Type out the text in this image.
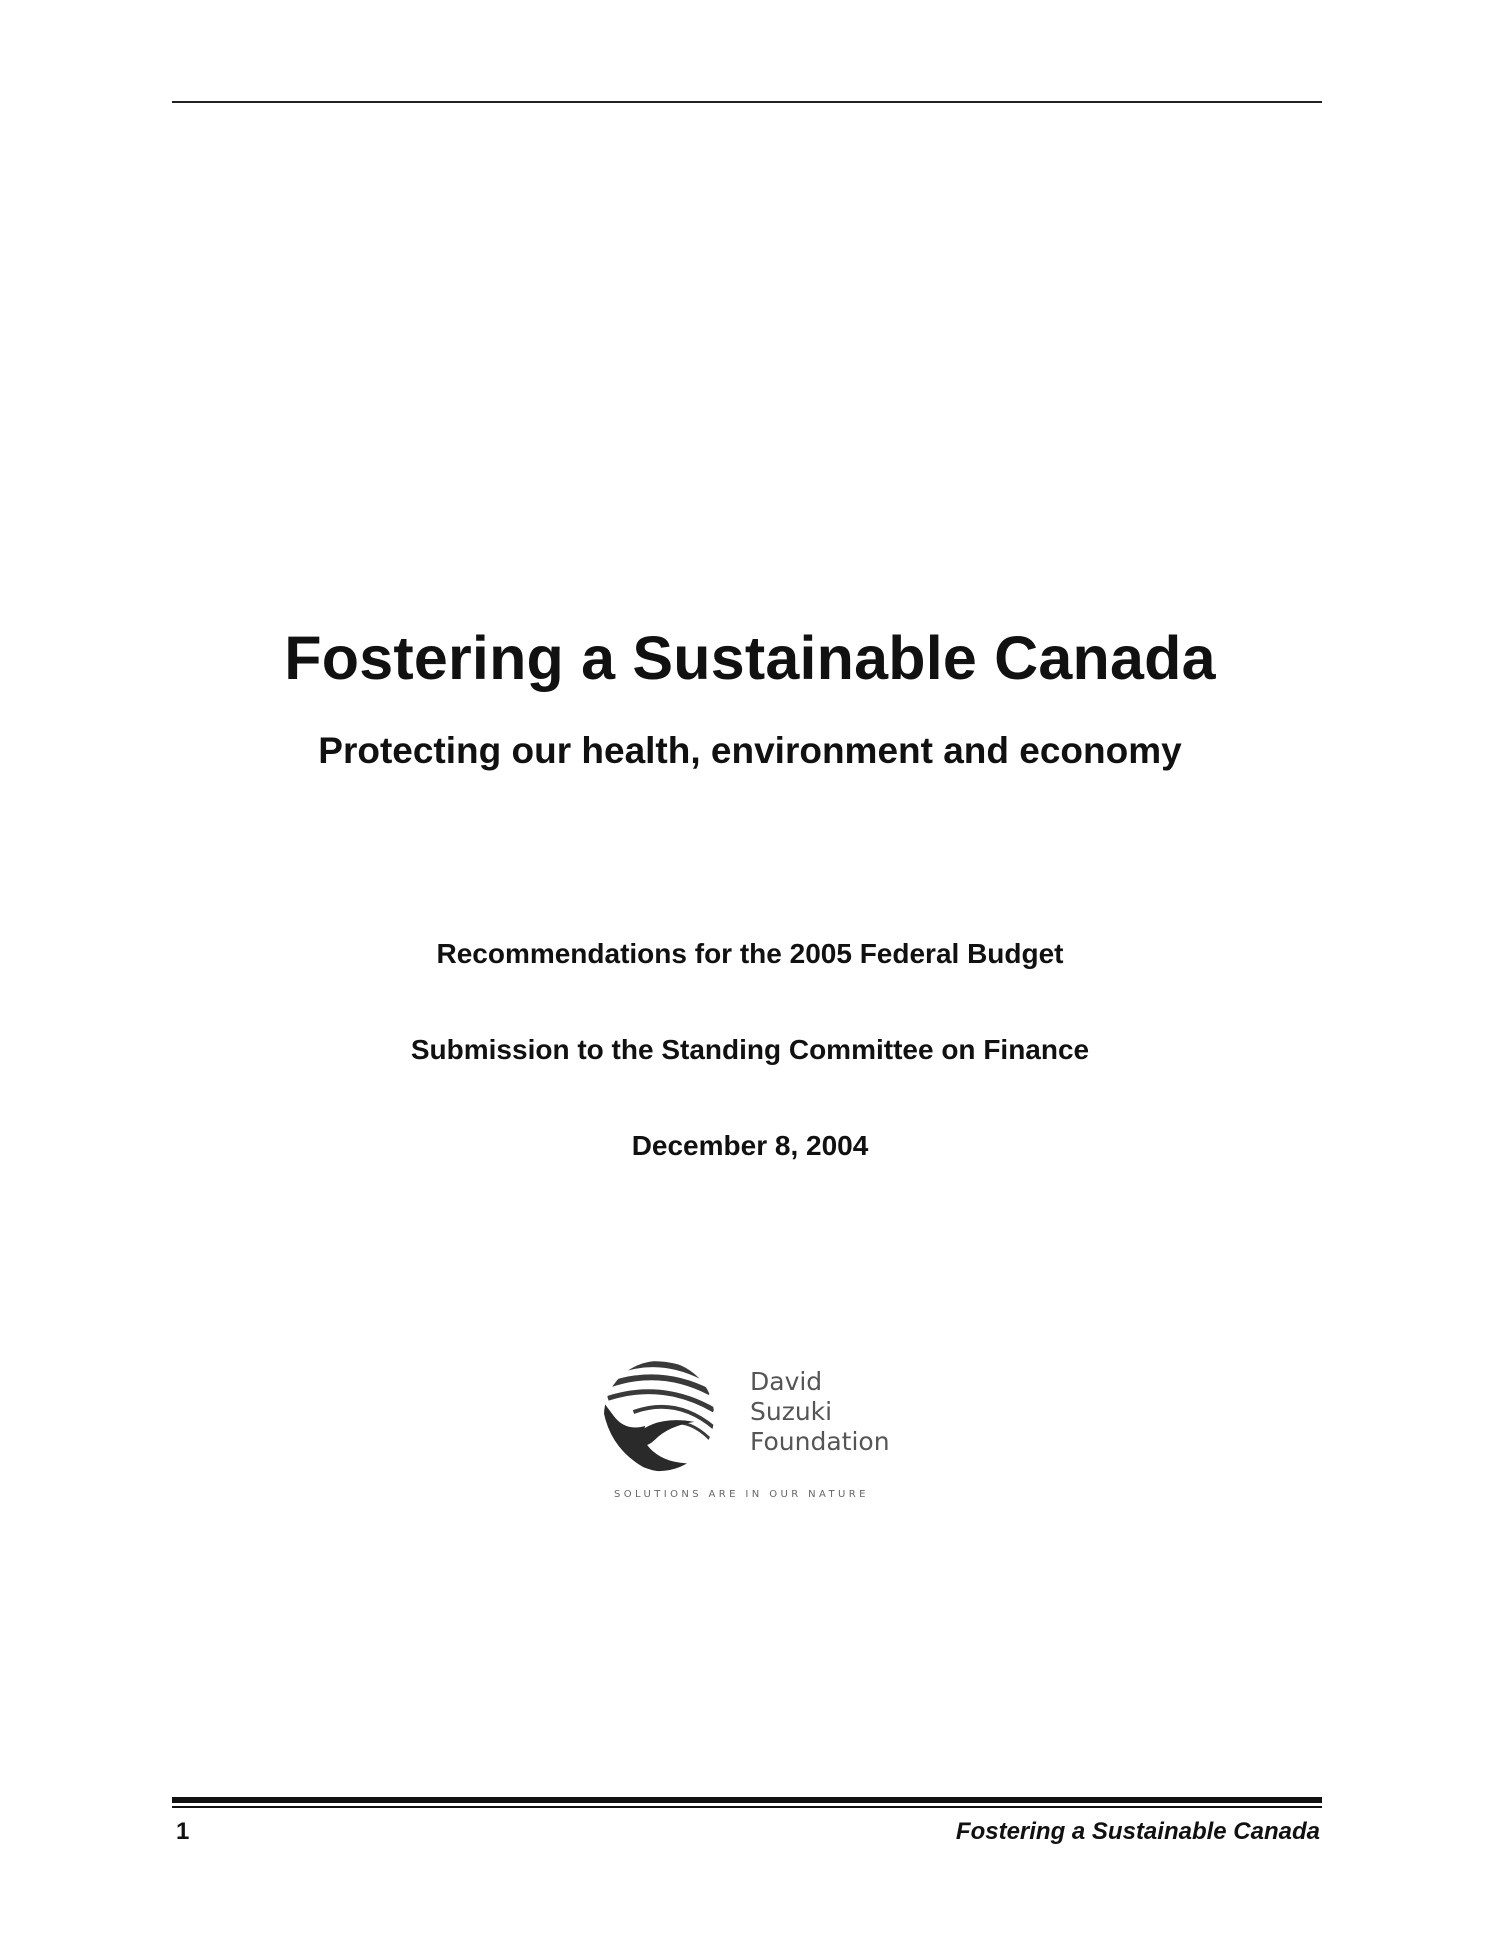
Fostering a Sustainable Canada
Protecting our health, environment and economy
Recommendations for the 2005 Federal Budget
Submission to the Standing Committee on Finance
December 8, 2004
David
Suzuki
Foundation
SOLUTIONS ARE IN OUR NATURE
1	Fostering a Sustainable Canada
